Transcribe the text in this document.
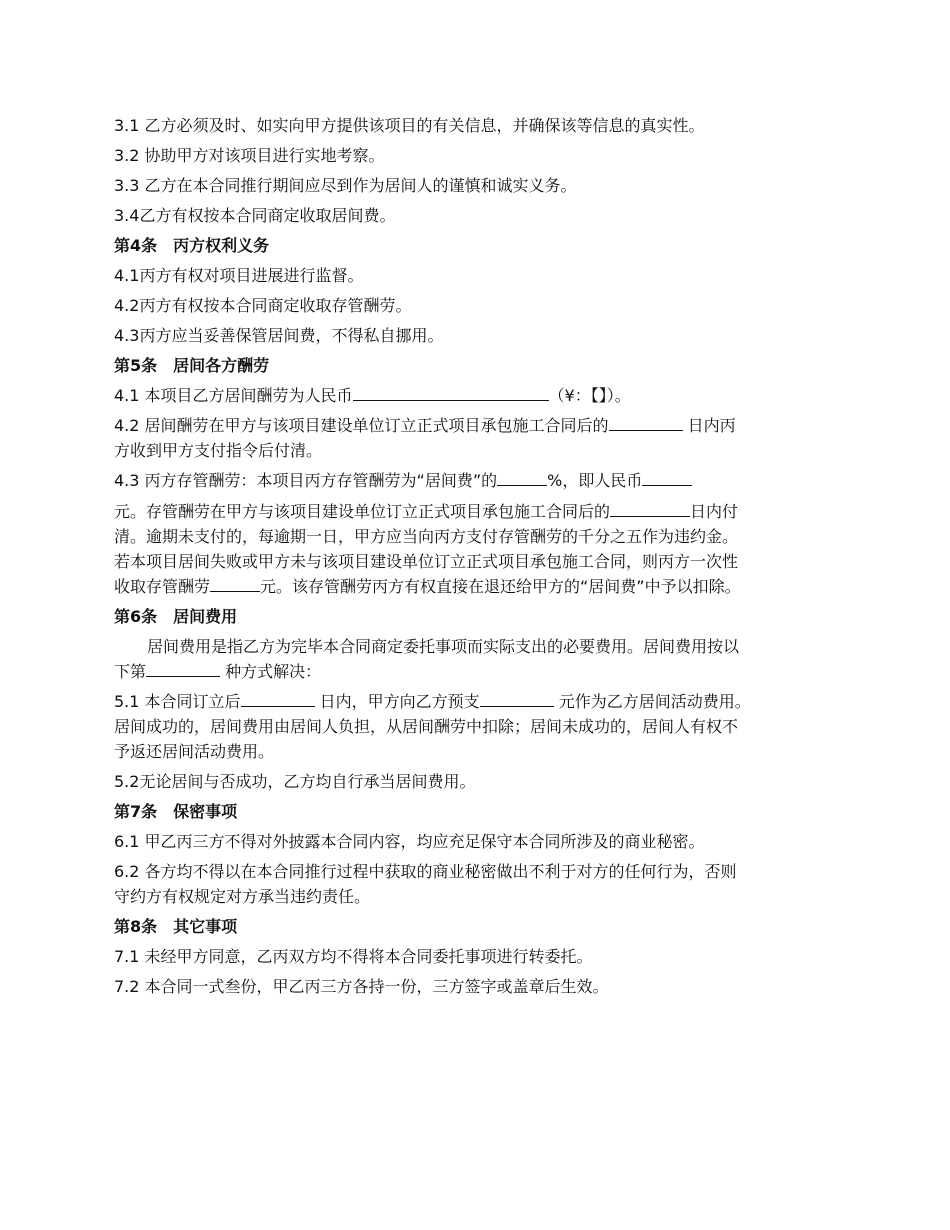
3.1 乙方必须及时、如实向甲方提供该项目的有关信息，并确保该等信息的真实性。

3.2 协助甲方对该项目进行实地考察。

3.3 乙方在本合同推行期间应尽到作为居间人的谨慎和诚实义务。

3.4乙方有权按本合同商定收取居间费。

第4条　丙方权利义务

4.1丙方有权对项目进展进行监督。

4.2丙方有权按本合同商定收取存管酬劳。

4.3丙方应当妥善保管居间费，不得私自挪用。

第5条　居间各方酬劳

4.1 本项目乙方居间酬劳为人民币	（¥：【】）。

4.2 居间酬劳在甲方与该项目建设单位订立正式项目承包施工合同后的	日内丙

方收到甲方支付指令后付清。

4.3 丙方存管酬劳：本项目丙方存管酬劳为“居间费”的	%，即人民币

元。存管酬劳在甲方与该项目建设单位订立正式项目承包施工合同后的	日内付

清。逾期未支付的，每逾期一日，甲方应当向丙方支付存管酬劳的千分之五作为违约金。

若本项目居间失败或甲方未与该项目建设单位订立正式项目承包施工合同，则丙方一次性

收取存管酬劳	元。该存管酬劳丙方有权直接在退还给甲方的“居间费”中予以扣除。

第6条　居间费用

居间费用是指乙方为完毕本合同商定委托事项而实际支出的必要费用。居间费用按以

下第	种方式解决：

5.1 本合同订立后	日内，甲方向乙方预支	元作为乙方居间活动费用。

居间成功的，居间费用由居间人负担，从居间酬劳中扣除；居间未成功的，居间人有权不

予返还居间活动费用。

5.2无论居间与否成功，乙方均自行承当居间费用。

第7条　保密事项

6.1 甲乙丙三方不得对外披露本合同内容，均应充足保守本合同所涉及的商业秘密。

6.2 各方均不得以在本合同推行过程中获取的商业秘密做出不利于对方的任何行为，否则

守约方有权规定对方承当违约责任。

第8条　其它事项

7.1 未经甲方同意，乙丙双方均不得将本合同委托事项进行转委托。

7.2 本合同一式叁份，甲乙丙三方各持一份，三方签字或盖章后生效。
